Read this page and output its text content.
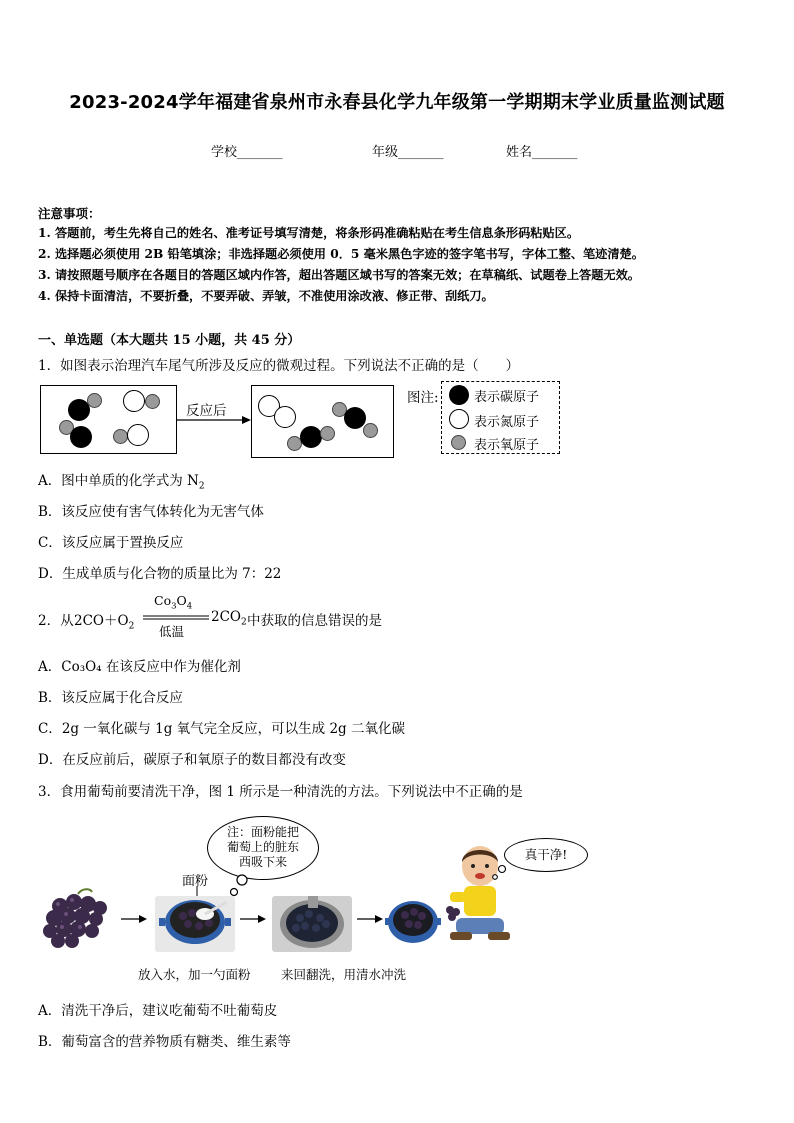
2023-2024学年福建省泉州市永春县化学九年级第一学期期末学业质量监测试题
学校_______	年级_______	姓名_______
注意事项：
1. 答题前，考生先将自己的姓名、准考证号填写清楚，将条形码准确粘贴在考生信息条形码粘贴区。
2. 选择题必须使用 2B 铅笔填涂；非选择题必须使用 0．5 毫米黑色字迹的签字笔书写，字体工整、笔迹清楚。
3. 请按照题号顺序在各题目的答题区域内作答，超出答题区域书写的答案无效；在草稿纸、试题卷上答题无效。
4. 保持卡面清洁，不要折叠，不要弄破、弄皱，不准使用涂改液、修正带、刮纸刀。
一、单选题（本大题共 15 小题，共 45 分）
1．如图表示治理汽车尾气所涉及反应的微观过程。下列说法不正确的是（　　）
反应后
图注:	表示碳原子
表示氮原子
表示氧原子
A．图中单质的化学式为 $N_2$
B．该反应使有害气体转化为无害气体
C．该反应属于置换反应
D．生成单质与化合物的质量比为 7：22
2．从 $2CO+O_2$
$Co_3O_4$
低温
$2CO_2$ 中获取的信息错误的是
A．Co₃O₄ 在该反应中作为催化剂
B．该反应属于化合反应
C．2g 一氧化碳与 1g 氧气完全反应，可以生成 2g 二氧化碳
D．在反应前后，碳原子和氧原子的数目都没有改变
3．食用葡萄前要清洗干净，图 1 所示是一种清洗的方法。下列说法中不正确的是
面粉
注：面粉能把
葡萄上的脏东
西吸下来	真干净!
放入水，加一勺面粉 来回翻洗，用清水冲洗
A．清洗干净后，建议吃葡萄不吐葡萄皮
B．葡萄富含的营养物质有糖类、维生素等
